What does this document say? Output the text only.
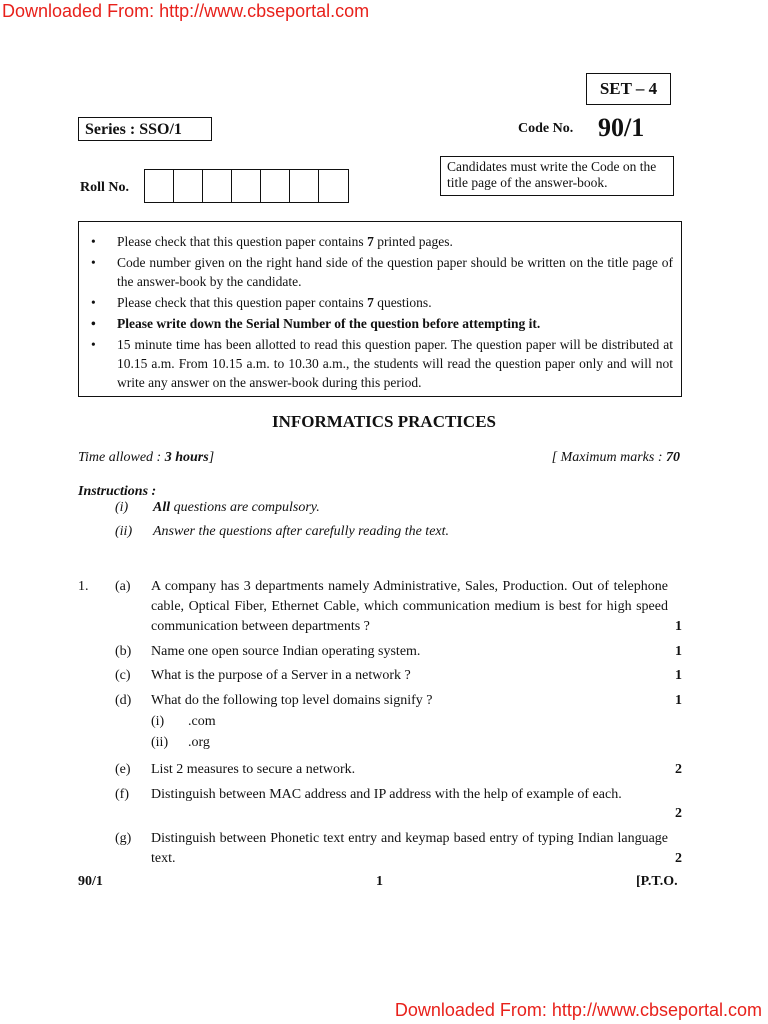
Downloaded From: http://www.cbseportal.com
SET – 4
Series : SSO/1	Code No. 90/1
Roll No.
Candidates must write the Code on the title page of the answer-book.
• Please check that this question paper contains 7 printed pages.
• Code number given on the right hand side of the question paper should be written on the title page of the answer-book by the candidate.
• Please check that this question paper contains 7 questions.
• Please write down the Serial Number of the question before attempting it.
• 15 minute time has been allotted to read this question paper. The question paper will be distributed at 10.15 a.m. From 10.15 a.m. to 10.30 a.m., the students will read the question paper only and will not write any answer on the answer-book during this period.
INFORMATICS PRACTICES
Time allowed : 3 hours]	[ Maximum marks : 70
Instructions :
(i) All questions are compulsory.
(ii) Answer the questions after carefully reading the text.
1. (a) A company has 3 departments namely Administrative, Sales, Production. Out of telephone cable, Optical Fiber, Ethernet Cable, which communication medium is best for high speed communication between departments ?	1
(b) Name one open source Indian operating system.	1
(c) What is the purpose of a Server in a network ?	1
(d) What do the following top level domains signify ?	1
(i) .com
(ii) .org
(e) List 2 measures to secure a network.	2
(f) Distinguish between MAC address and IP address with the help of example of each.
2
(g) Distinguish between Phonetic text entry and keymap based entry of typing Indian language text.	2
90/1	1	[P.T.O.
Downloaded From: http://www.cbseportal.com
